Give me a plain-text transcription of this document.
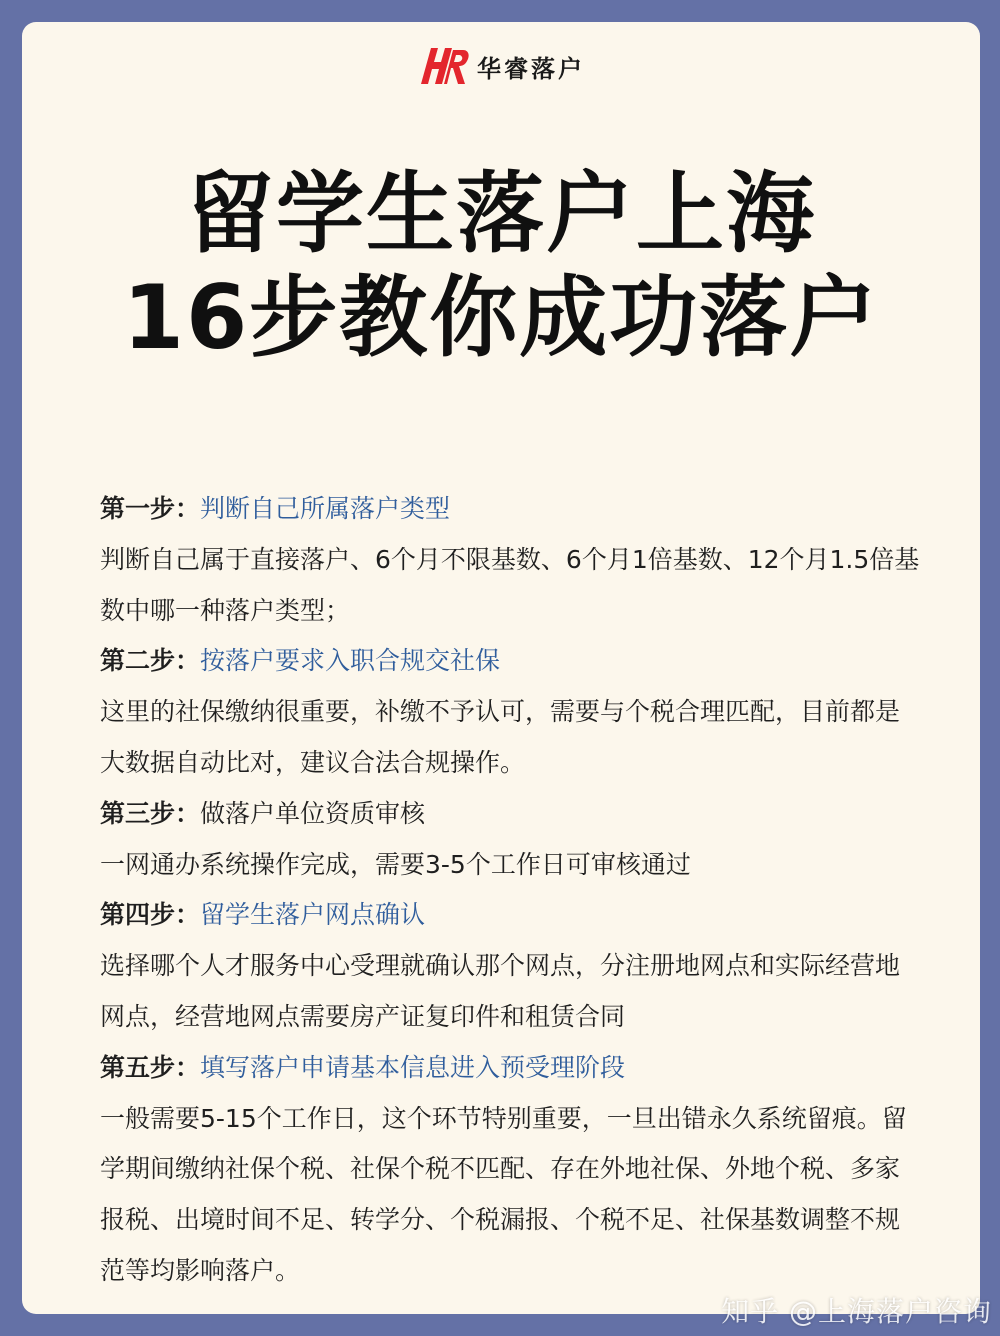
华睿落户
留学生落户上海
16步教你成功落户
第一步：判断自己所属落户类型
判断自己属于直接落户、6个月不限基数、6个月1倍基数、12个月1.5倍基数中哪一种落户类型；
第二步：按落户要求入职合规交社保
这里的社保缴纳很重要，补缴不予认可，需要与个税合理匹配，目前都是大数据自动比对，建议合法合规操作。
第三步：做落户单位资质审核
一网通办系统操作完成，需要3-5个工作日可审核通过
第四步：留学生落户网点确认
选择哪个人才服务中心受理就确认那个网点，分注册地网点和实际经营地网点，经营地网点需要房产证复印件和租赁合同
第五步：填写落户申请基本信息进入预受理阶段
一般需要5-15个工作日，这个环节特别重要，一旦出错永久系统留痕。留学期间缴纳社保个税、社保个税不匹配、存在外地社保、外地个税、多家报税、出境时间不足、转学分、个税漏报、个税不足、社保基数调整不规范等均影响落户。
知乎 @上海落户咨询
